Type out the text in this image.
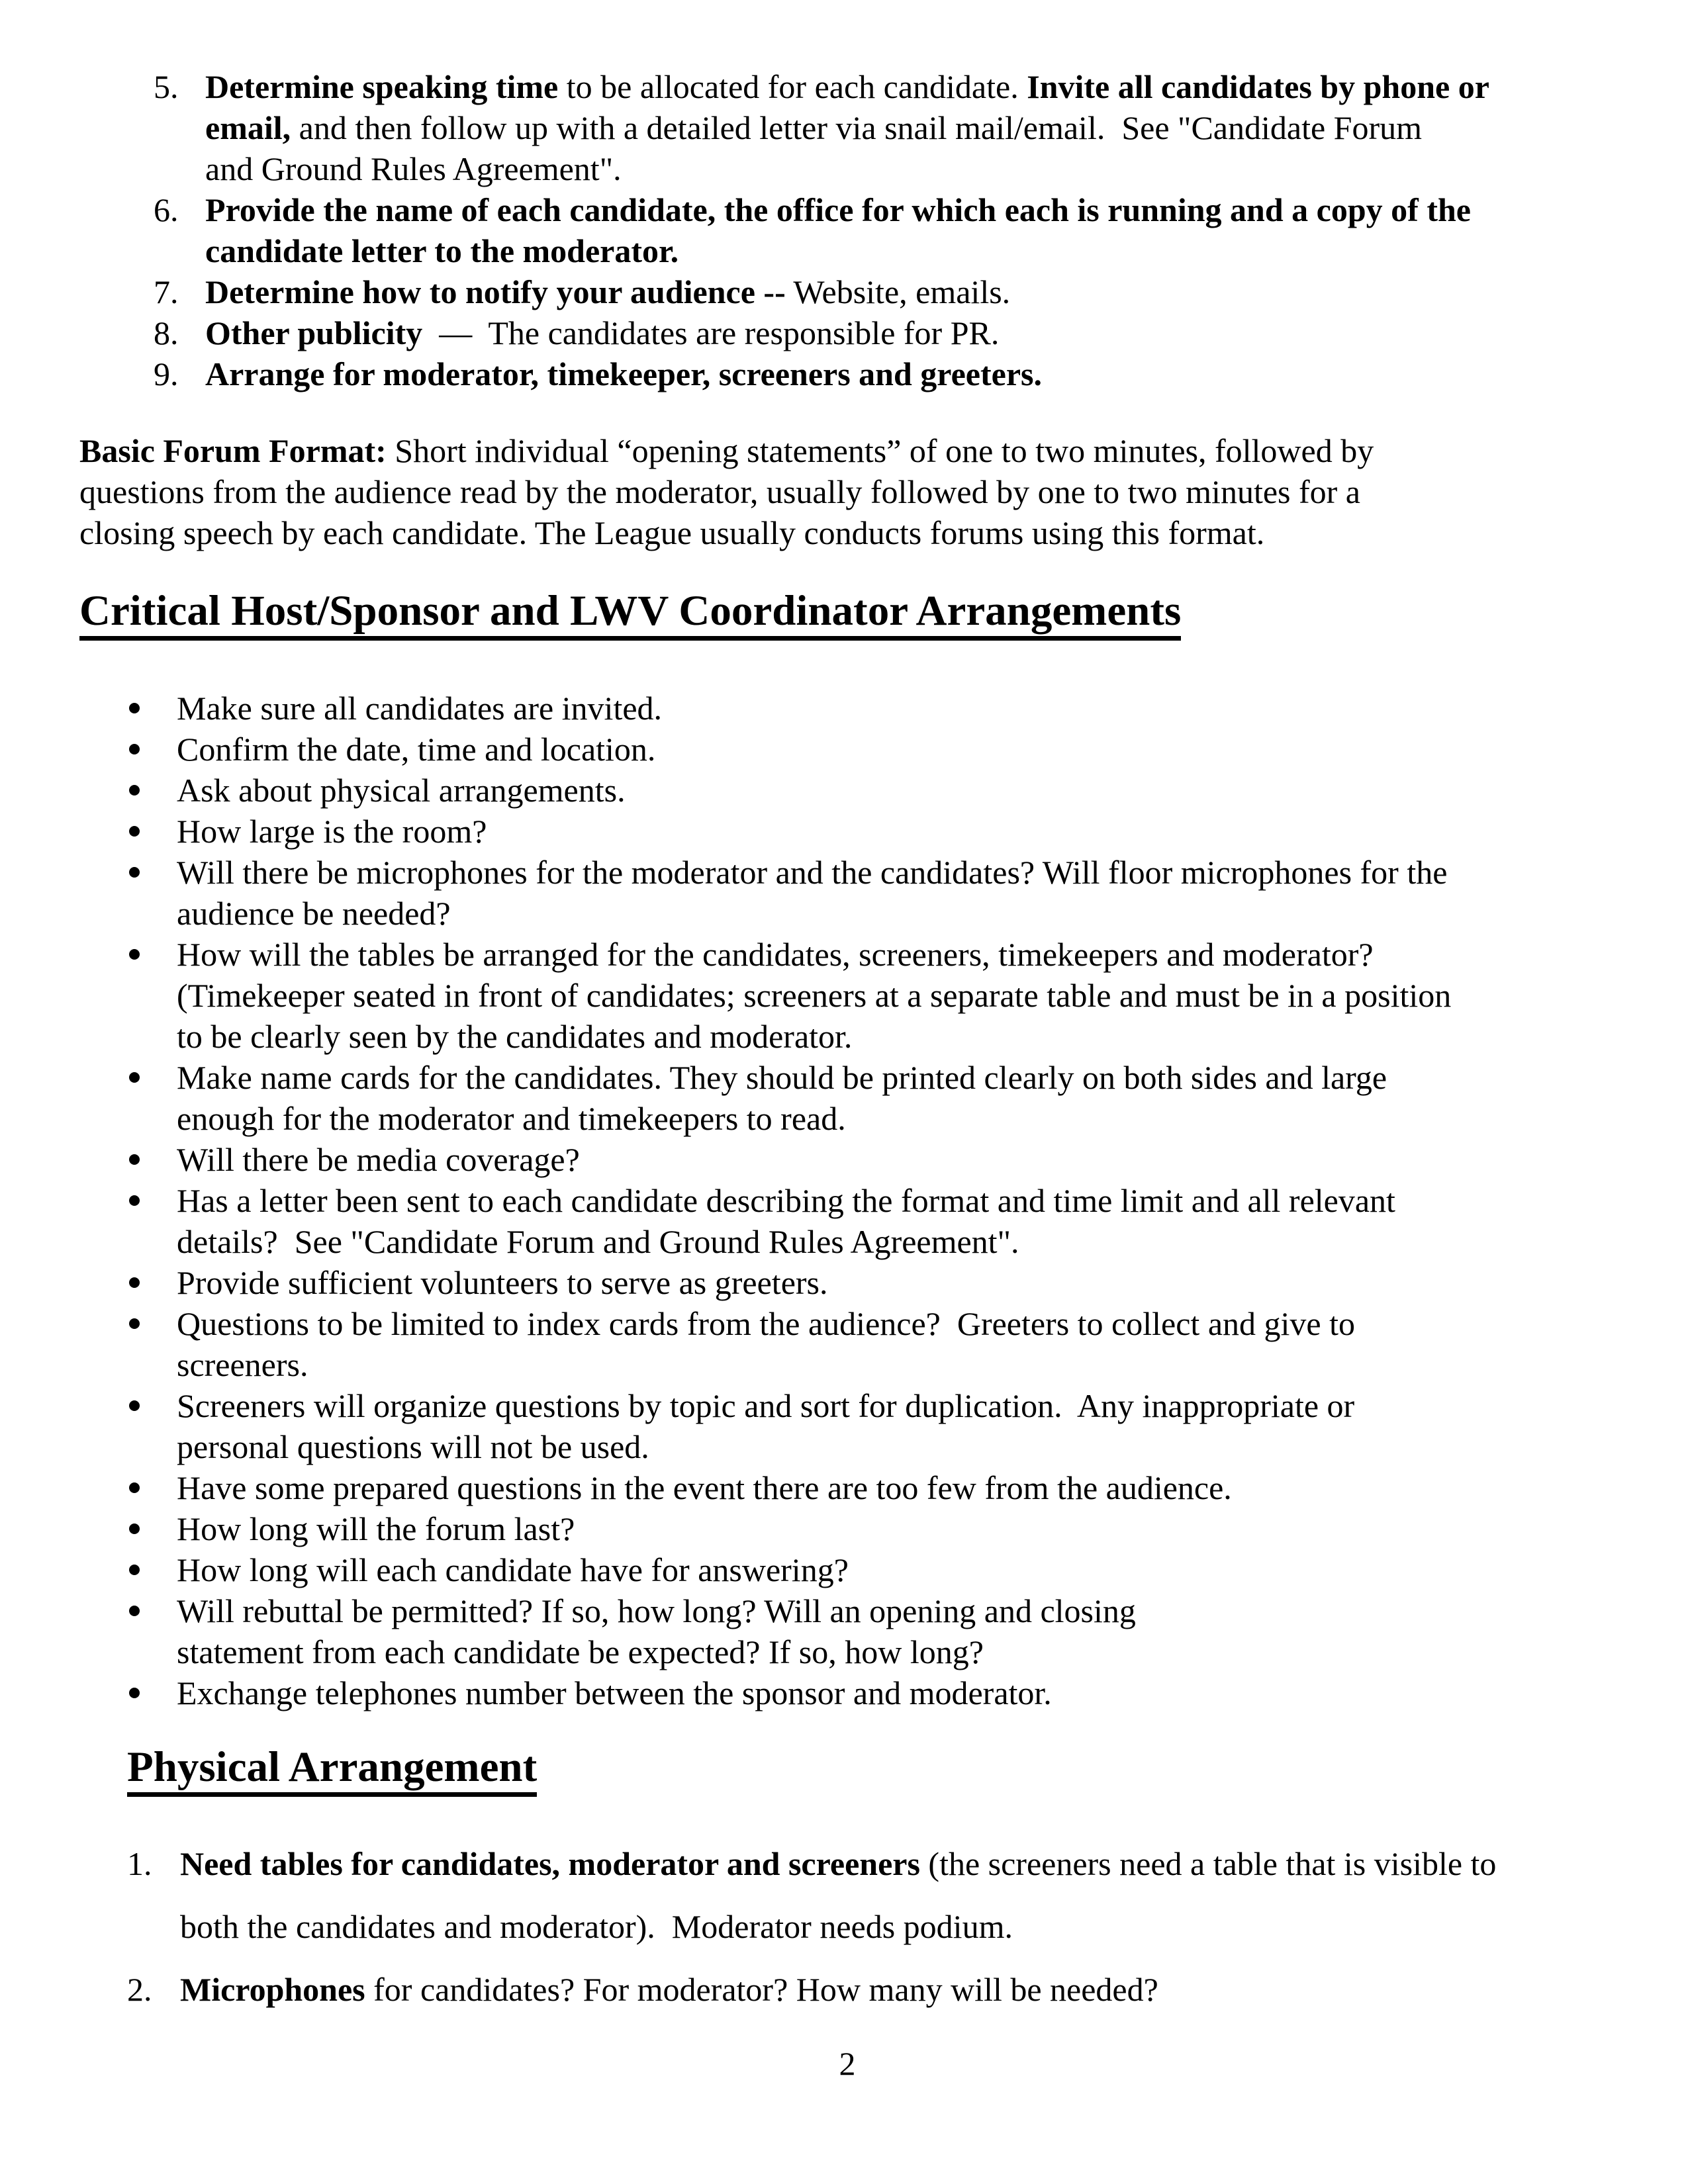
5. Determine speaking time to be allocated for each candidate. Invite all candidates by phone or
email, and then follow up with a detailed letter via snail mail/email.  See "Candidate Forum
and Ground Rules Agreement".
6. Provide the name of each candidate, the office for which each is running and a copy of the
candidate letter to the moderator.
7. Determine how to notify your audience -- Website, emails.
8. Other publicity  —  The candidates are responsible for PR.
9. Arrange for moderator, timekeeper, screeners and greeters.

Basic Forum Format: Short individual “opening statements” of one to two minutes, followed by
questions from the audience read by the moderator, usually followed by one to two minutes for a
closing speech by each candidate. The League usually conducts forums using this format.

Critical Host/Sponsor and LWV Coordinator Arrangements
Make sure all candidates are invited.
Confirm the date, time and location.
Ask about physical arrangements.
How large is the room?
Will there be microphones for the moderator and the candidates? Will floor microphones for the
audience be needed?
How will the tables be arranged for the candidates, screeners, timekeepers and moderator?
(Timekeeper seated in front of candidates; screeners at a separate table and must be in a position
to be clearly seen by the candidates and moderator.
Make name cards for the candidates. They should be printed clearly on both sides and large
enough for the moderator and timekeepers to read.
Will there be media coverage?
Has a letter been sent to each candidate describing the format and time limit and all relevant
details?  See "Candidate Forum and Ground Rules Agreement".
Provide sufficient volunteers to serve as greeters.
Questions to be limited to index cards from the audience?  Greeters to collect and give to
screeners.
Screeners will organize questions by topic and sort for duplication.  Any inappropriate or
personal questions will not be used.
Have some prepared questions in the event there are too few from the audience.
How long will the forum last?
How long will each candidate have for answering?
Will rebuttal be permitted? If so, how long? Will an opening and closing
statement from each candidate be expected? If so, how long?
Exchange telephones number between the sponsor and moderator.
Physical Arrangement
1. Need tables for candidates, moderator and screeners (the screeners need a table that is visible to
both the candidates and moderator).  Moderator needs podium.
2. Microphones for candidates? For moderator? How many will be needed?
2
